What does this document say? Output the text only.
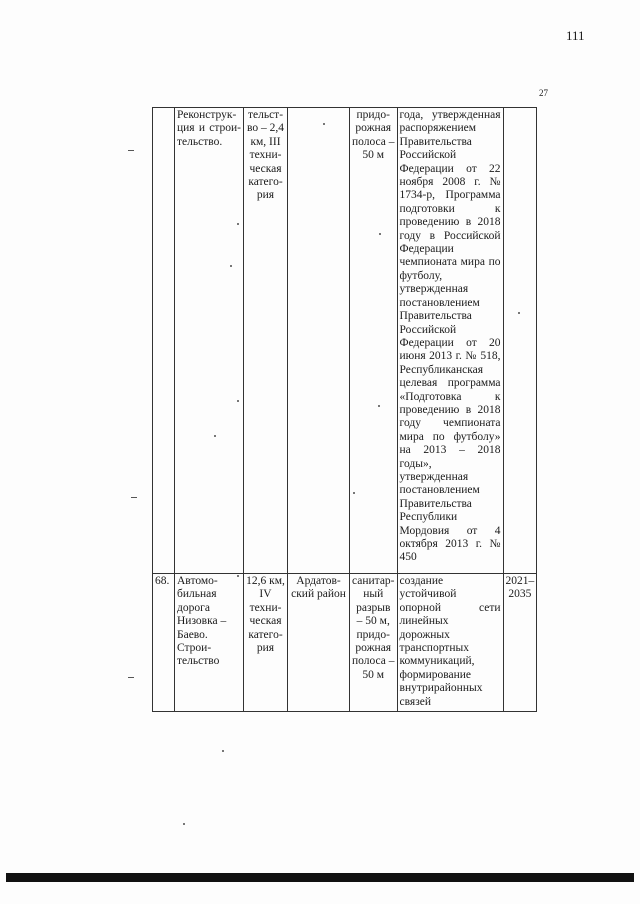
111
27
	Реконструк-ция и строи-тельство.	тельст-во – 2,4 км, III техни-ческая катего-рия		придо-рожная полоса – 50 м	года, утвержденная распоряжением Правительства Российской Федерации от 22 ноября 2008 г. № 1734-р, Программа подготовки к проведению в 2018 году в Российской Федерации чемпионата мира по футболу, утвержденная постановлением Правительства Российской Федерации от 20 июня 2013 г. № 518, Республиканская целевая программа «Подготовка к проведению в 2018 году чемпионата мира по футболу» на 2013 – 2018 годы», утвержденная постановлением Правительства Республики Мордовия от 4 октября 2013 г. № 450	
68.	Автомо-бильная дорога Низовка – Баево. Строи-тельство	12,6 км, IV техни-ческая катего-рия	Ардатов-ский район	санитар-ный разрыв – 50 м, придо-рожная полоса – 50 м	создание устойчивой опорной сети линейных дорожных транспортных коммуникаций, формирование внутрирайонных связей	2021– 2035
